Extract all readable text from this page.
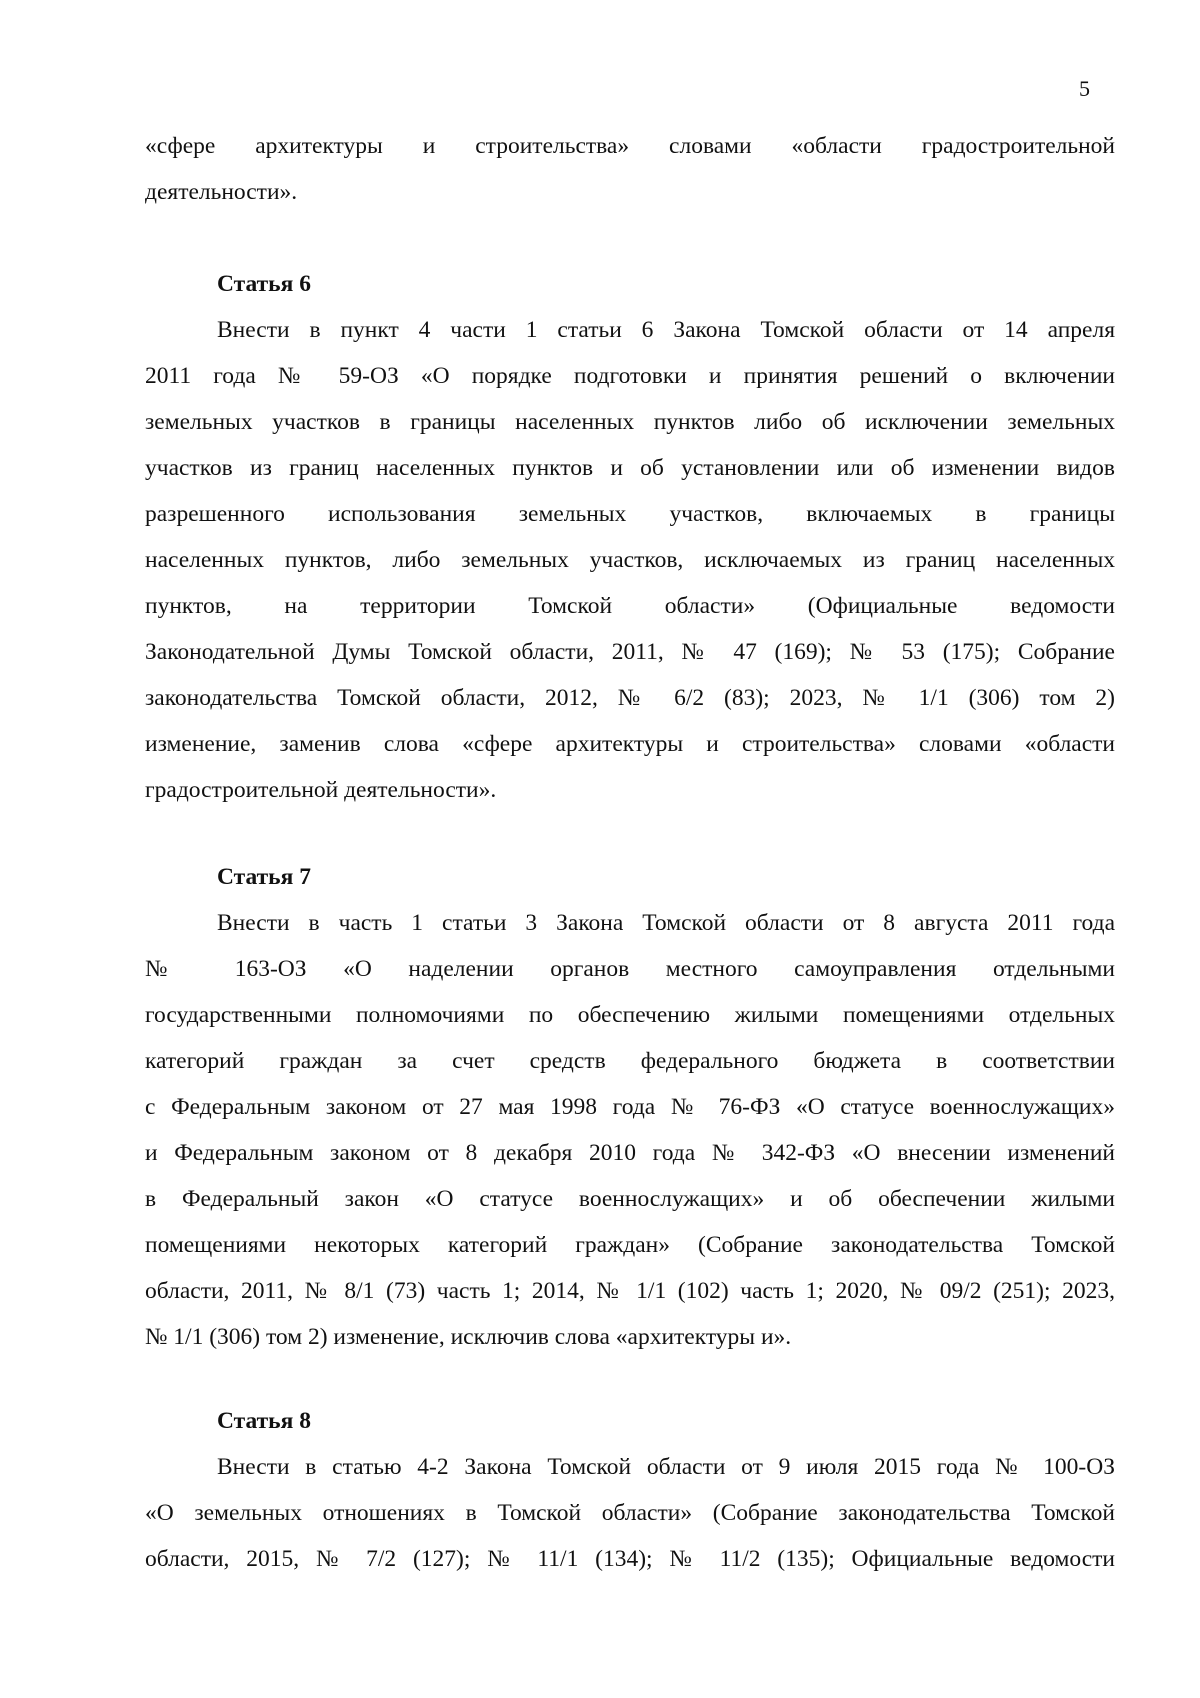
5
«сфере архитектуры и строительства» словами «области градостроительной
деятельности».
Статья 6
Внести в пункт 4 части 1 статьи 6 Закона Томской области от 14 апреля
2011 года № 59-ОЗ «О порядке подготовки и принятия решений о включении
земельных участков в границы населенных пунктов либо об исключении земельных
участков из границ населенных пунктов и об установлении или об изменении видов
разрешенного использования земельных участков, включаемых в границы
населенных пунктов, либо земельных участков, исключаемых из границ населенных
пунктов, на территории Томской области» (Официальные ведомости
Законодательной Думы Томской области, 2011, № 47 (169); № 53 (175); Собрание
законодательства Томской области, 2012, № 6/2 (83); 2023, № 1/1 (306) том 2)
изменение, заменив слова «сфере архитектуры и строительства» словами «области
градостроительной деятельности».
Статья 7
Внести в часть 1 статьи 3 Закона Томской области от 8 августа 2011 года
№ 163-ОЗ «О наделении органов местного самоуправления отдельными
государственными полномочиями по обеспечению жилыми помещениями отдельных
категорий граждан за счет средств федерального бюджета в соответствии
с Федеральным законом от 27 мая 1998 года № 76-ФЗ «О статусе военнослужащих»
и Федеральным законом от 8 декабря 2010 года № 342-ФЗ «О внесении изменений
в Федеральный закон «О статусе военнослужащих» и об обеспечении жилыми
помещениями некоторых категорий граждан» (Собрание законодательства Томской
области, 2011, № 8/1 (73) часть 1; 2014, № 1/1 (102) часть 1; 2020, № 09/2 (251); 2023,
№ 1/1 (306) том 2) изменение, исключив слова «архитектуры и».
Статья 8
Внести в статью 4-2 Закона Томской области от 9 июля 2015 года № 100-ОЗ
«О земельных отношениях в Томской области» (Собрание законодательства Томской
области, 2015, № 7/2 (127); № 11/1 (134); № 11/2 (135); Официальные ведомости
